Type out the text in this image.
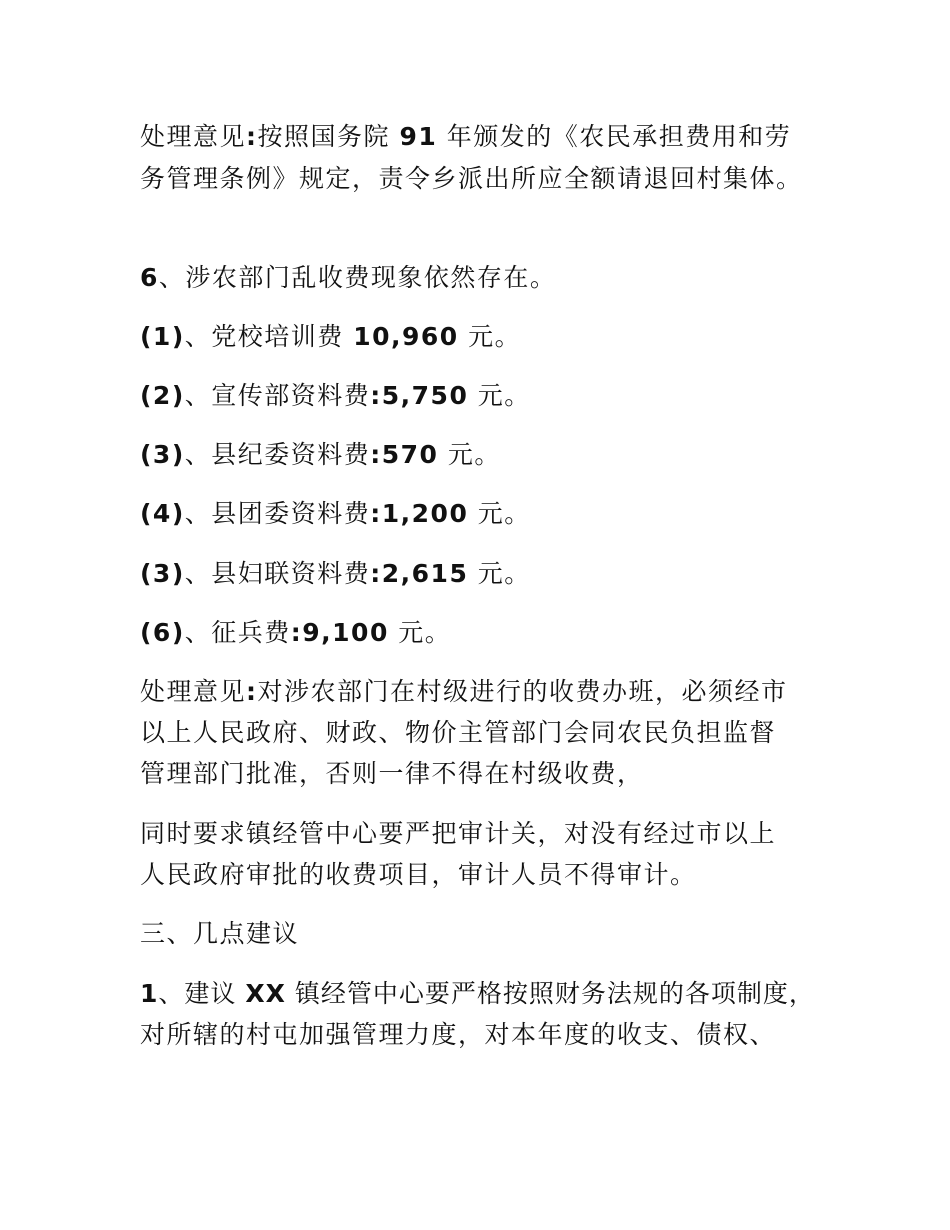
处理意见:按照国务院 91 年颁发的《农民承担费用和劳
务管理条例》规定，责令乡派出所应全额请退回村集体。
6、涉农部门乱收费现象依然存在。
(1)、党校培训费 10,960 元。
(2)、宣传部资料费:5,750 元。
(3)、县纪委资料费:570 元。
(4)、县团委资料费:1,200 元。
(3)、县妇联资料费:2,615 元。
(6)、征兵费:9,100 元。
处理意见:对涉农部门在村级进行的收费办班，必须经市
以上人民政府、财政、物价主管部门会同农民负担监督
管理部门批准，否则一律不得在村级收费，
同时要求镇经管中心要严把审计关，对没有经过市以上
人民政府审批的收费项目，审计人员不得审计。
三、几点建议
1、建议 XX 镇经管中心要严格按照财务法规的各项制度，
对所辖的村屯加强管理力度，对本年度的收支、债权、
